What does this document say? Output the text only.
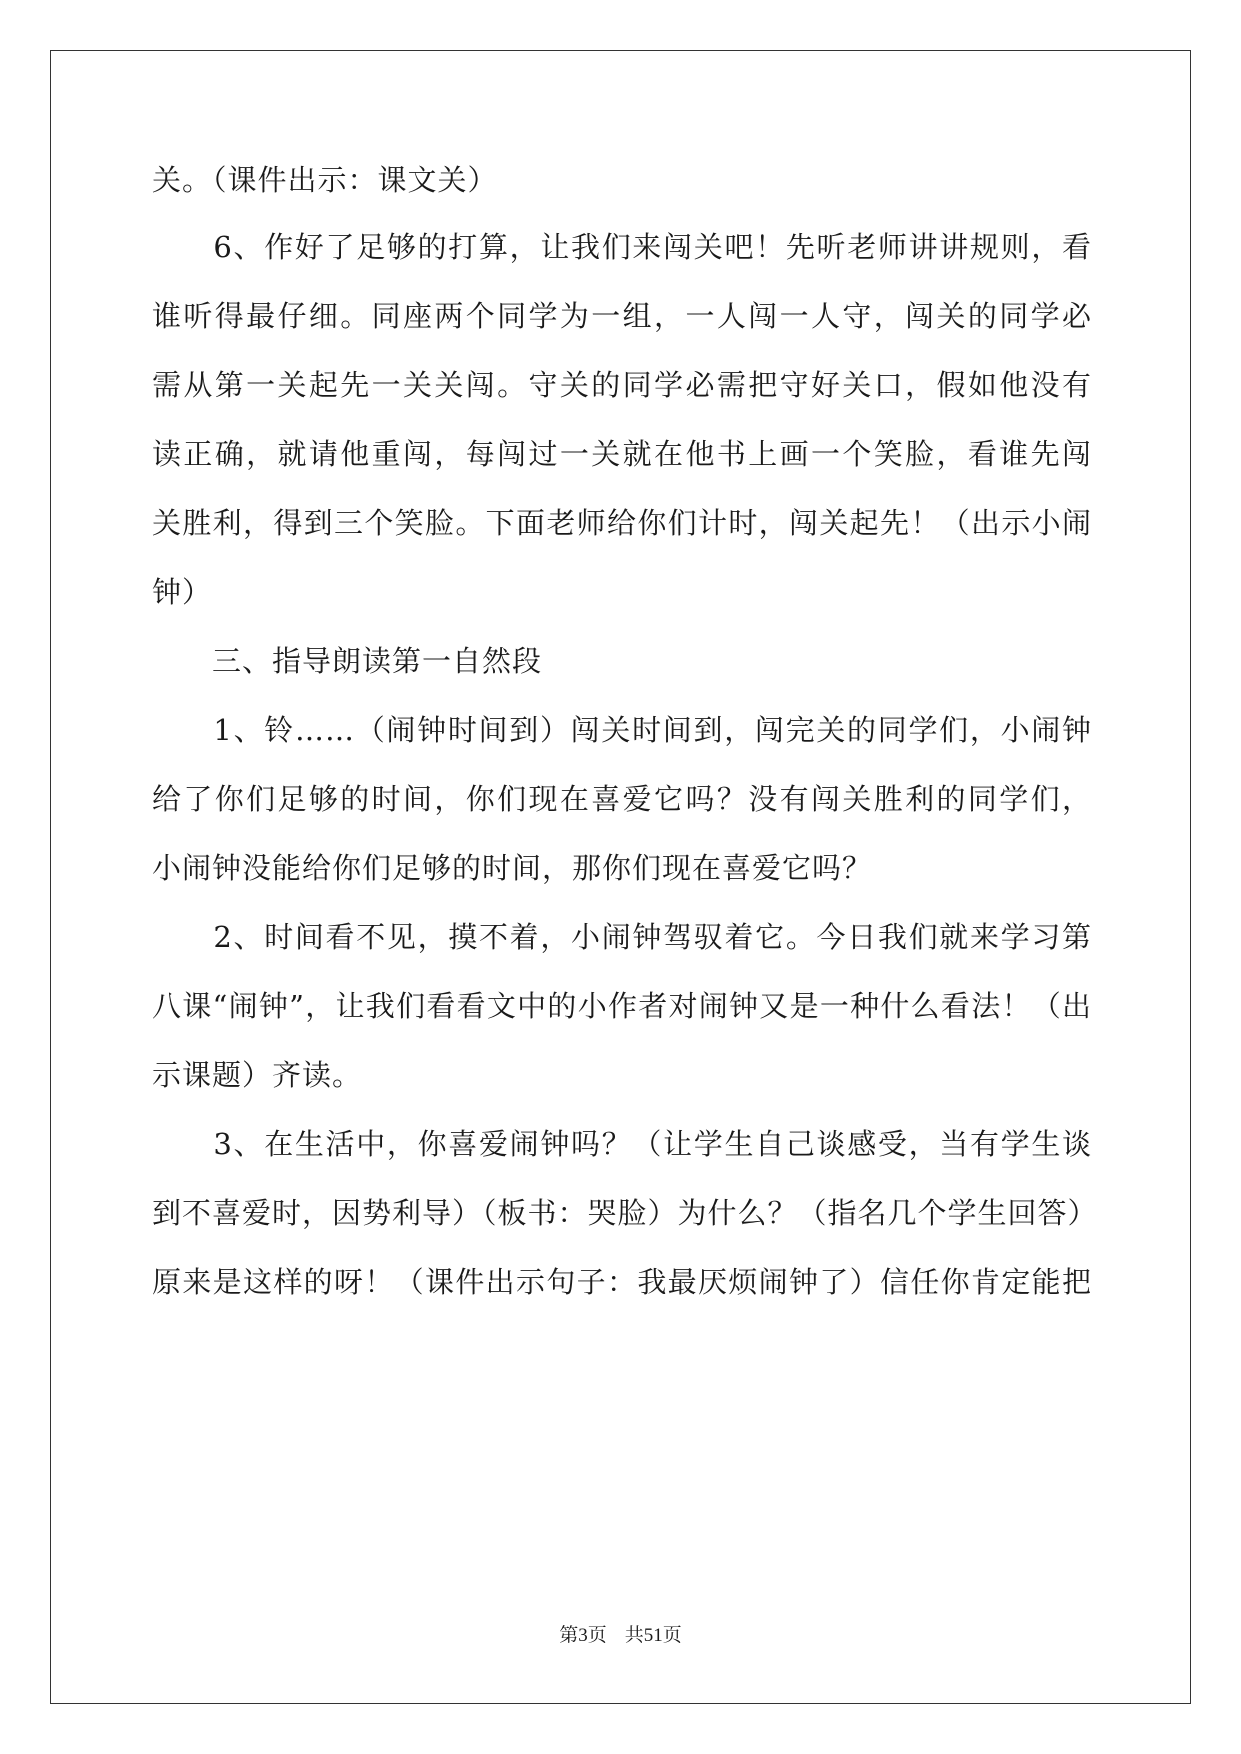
关。（课件出示：课文关）
　　6、作好了足够的打算，让我们来闯关吧！先听老师讲讲规则，看
谁听得最仔细。同座两个同学为一组，一人闯一人守，闯关的同学必
需从第一关起先一关关闯。守关的同学必需把守好关口，假如他没有
读正确，就请他重闯，每闯过一关就在他书上画一个笑脸，看谁先闯
关胜利，得到三个笑脸。下面老师给你们计时，闯关起先！（出示小闹
钟）
　　三、指导朗读第一自然段
　　1、铃……（闹钟时间到）闯关时间到，闯完关的同学们，小闹钟
给了你们足够的时间，你们现在喜爱它吗？没有闯关胜利的同学们，
小闹钟没能给你们足够的时间，那你们现在喜爱它吗？
　　2、时间看不见，摸不着，小闹钟驾驭着它。今日我们就来学习第
八课“闹钟”，让我们看看文中的小作者对闹钟又是一种什么看法！（出
示课题）齐读。
　　3、在生活中，你喜爱闹钟吗？（让学生自己谈感受，当有学生谈
到不喜爱时，因势利导）（板书：哭脸）为什么？（指名几个学生回答）
原来是这样的呀！（课件出示句子：我最厌烦闹钟了）信任你肯定能把
第3页 共51页
